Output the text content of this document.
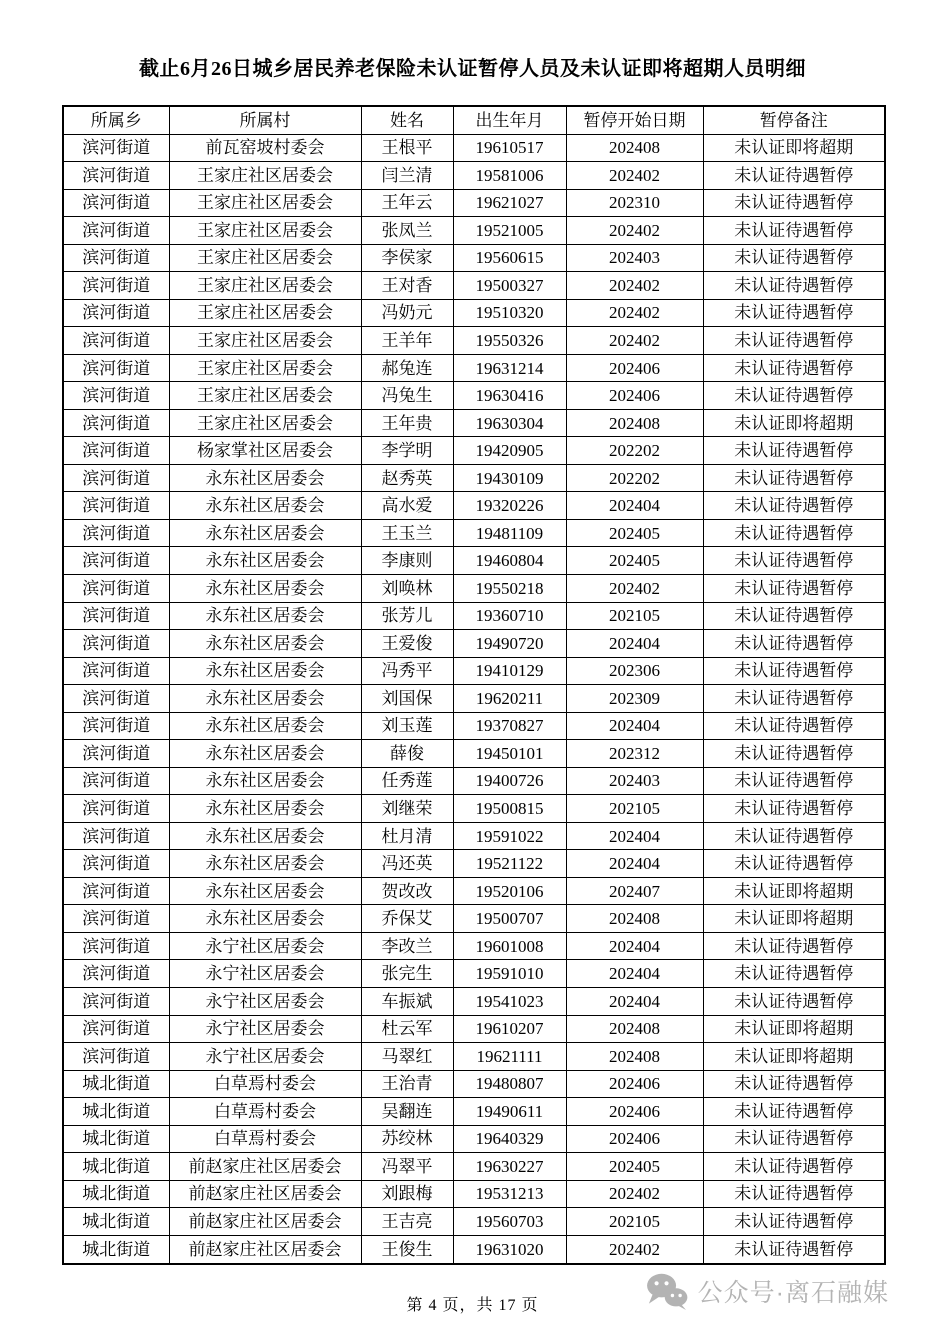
截止6月26日城乡居民养老保险未认证暂停人员及未认证即将超期人员明细
所属乡	所属村	姓名	出生年月	暂停开始日期	暂停备注
滨河街道	前瓦窑坡村委会	王根平	19610517	202408	未认证即将超期
滨河街道	王家庄社区居委会	闫兰清	19581006	202402	未认证待遇暂停
滨河街道	王家庄社区居委会	王年云	19621027	202310	未认证待遇暂停
滨河街道	王家庄社区居委会	张凤兰	19521005	202402	未认证待遇暂停
滨河街道	王家庄社区居委会	李侯家	19560615	202403	未认证待遇暂停
滨河街道	王家庄社区居委会	王对香	19500327	202402	未认证待遇暂停
滨河街道	王家庄社区居委会	冯奶元	19510320	202402	未认证待遇暂停
滨河街道	王家庄社区居委会	王羊年	19550326	202402	未认证待遇暂停
滨河街道	王家庄社区居委会	郝兔连	19631214	202406	未认证待遇暂停
滨河街道	王家庄社区居委会	冯兔生	19630416	202406	未认证待遇暂停
滨河街道	王家庄社区居委会	王年贵	19630304	202408	未认证即将超期
滨河街道	杨家掌社区居委会	李学明	19420905	202202	未认证待遇暂停
滨河街道	永东社区居委会	赵秀英	19430109	202202	未认证待遇暂停
滨河街道	永东社区居委会	高水爱	19320226	202404	未认证待遇暂停
滨河街道	永东社区居委会	王玉兰	19481109	202405	未认证待遇暂停
滨河街道	永东社区居委会	李康则	19460804	202405	未认证待遇暂停
滨河街道	永东社区居委会	刘唤林	19550218	202402	未认证待遇暂停
滨河街道	永东社区居委会	张芳儿	19360710	202105	未认证待遇暂停
滨河街道	永东社区居委会	王爱俊	19490720	202404	未认证待遇暂停
滨河街道	永东社区居委会	冯秀平	19410129	202306	未认证待遇暂停
滨河街道	永东社区居委会	刘国保	19620211	202309	未认证待遇暂停
滨河街道	永东社区居委会	刘玉莲	19370827	202404	未认证待遇暂停
滨河街道	永东社区居委会	薛俊	19450101	202312	未认证待遇暂停
滨河街道	永东社区居委会	任秀莲	19400726	202403	未认证待遇暂停
滨河街道	永东社区居委会	刘继荣	19500815	202105	未认证待遇暂停
滨河街道	永东社区居委会	杜月清	19591022	202404	未认证待遇暂停
滨河街道	永东社区居委会	冯还英	19521122	202404	未认证待遇暂停
滨河街道	永东社区居委会	贺改改	19520106	202407	未认证即将超期
滨河街道	永东社区居委会	乔保艾	19500707	202408	未认证即将超期
滨河街道	永宁社区居委会	李改兰	19601008	202404	未认证待遇暂停
滨河街道	永宁社区居委会	张完生	19591010	202404	未认证待遇暂停
滨河街道	永宁社区居委会	车振斌	19541023	202404	未认证待遇暂停
滨河街道	永宁社区居委会	杜云军	19610207	202408	未认证即将超期
滨河街道	永宁社区居委会	马翠红	19621111	202408	未认证即将超期
城北街道	白草焉村委会	王治青	19480807	202406	未认证待遇暂停
城北街道	白草焉村委会	吴翻连	19490611	202406	未认证待遇暂停
城北街道	白草焉村委会	苏绞林	19640329	202406	未认证待遇暂停
城北街道	前赵家庄社区居委会	冯翠平	19630227	202405	未认证待遇暂停
城北街道	前赵家庄社区居委会	刘跟梅	19531213	202402	未认证待遇暂停
城北街道	前赵家庄社区居委会	王吉亮	19560703	202105	未认证待遇暂停
城北街道	前赵家庄社区居委会	王俊生	19631020	202402	未认证待遇暂停
第 4 页，共 17 页	公众号·离石融媒
